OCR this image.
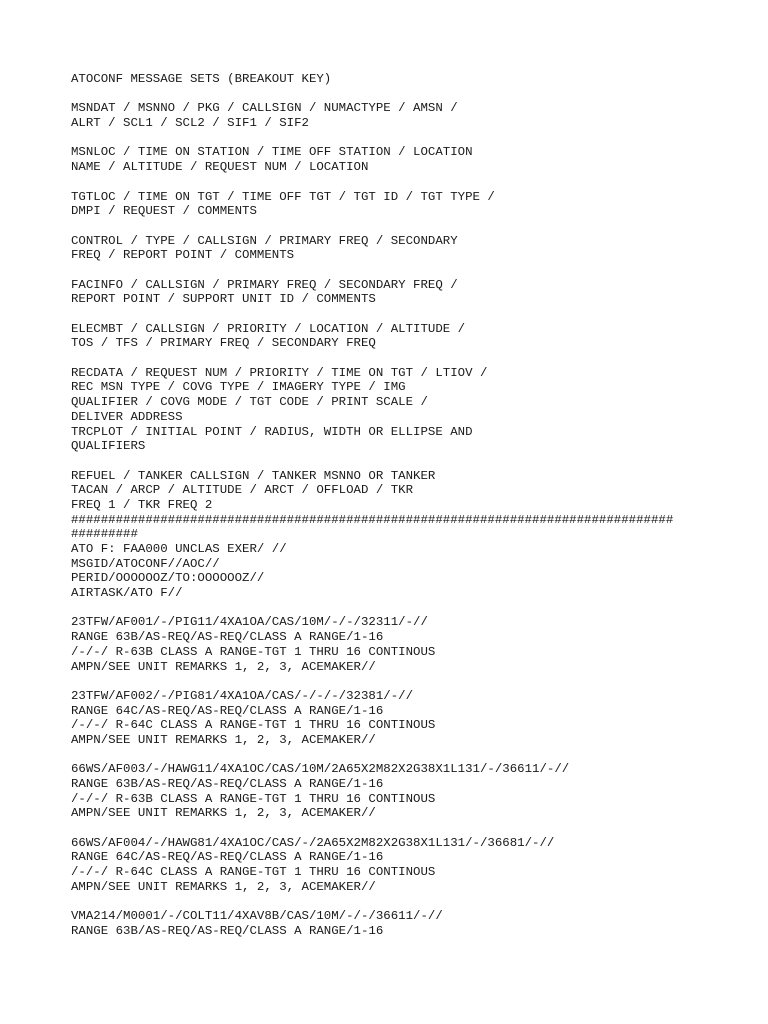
ATOCONF MESSAGE SETS (BREAKOUT KEY)
MSNDAT / MSNNO / PKG / CALLSIGN / NUMACTYPE / AMSN /
ALRT / SCL1 / SCL2 / SIF1 / SIF2
MSNLOC / TIME ON STATION / TIME OFF STATION / LOCATION
NAME / ALTITUDE / REQUEST NUM / LOCATION
TGTLOC / TIME ON TGT / TIME OFF TGT / TGT ID / TGT TYPE /
DMPI / REQUEST / COMMENTS
CONTROL / TYPE / CALLSIGN / PRIMARY FREQ / SECONDARY
FREQ / REPORT POINT / COMMENTS
FACINFO / CALLSIGN / PRIMARY FREQ / SECONDARY FREQ /
REPORT POINT / SUPPORT UNIT ID / COMMENTS
ELECMBT / CALLSIGN / PRIORITY / LOCATION / ALTITUDE /
TOS / TFS / PRIMARY FREQ / SECONDARY FREQ
RECDATA / REQUEST NUM / PRIORITY / TIME ON TGT / LTIOV /
REC MSN TYPE / COVG TYPE / IMAGERY TYPE / IMG
QUALIFIER / COVG MODE / TGT CODE / PRINT SCALE /
DELIVER ADDRESS
TRCPLOT / INITIAL POINT / RADIUS, WIDTH OR ELLIPSE AND
QUALIFIERS
REFUEL / TANKER CALLSIGN / TANKER MSNNO OR TANKER
TACAN / ARCP / ALTITUDE / ARCT / OFFLOAD / TKR
FREQ 1 / TKR FREQ 2
#################################################################################
#########
ATO F: FAA000 UNCLAS EXER/ //
MSGID/ATOCONF//AOC//
PERID/OOOOOOZ/TO:OOOOOOZ//
AIRTASK/ATO F//
23TFW/AF001/-/PIG11/4XA1OA/CAS/10M/-/-/32311/-//
RANGE 63B/AS-REQ/AS-REQ/CLASS A RANGE/1-16
/-/-/ R-63B CLASS A RANGE-TGT 1 THRU 16 CONTINOUS
AMPN/SEE UNIT REMARKS 1, 2, 3, ACEMAKER//
23TFW/AF002/-/PIG81/4XA1OA/CAS/-/-/-/32381/-//
RANGE 64C/AS-REQ/AS-REQ/CLASS A RANGE/1-16
/-/-/ R-64C CLASS A RANGE-TGT 1 THRU 16 CONTINOUS
AMPN/SEE UNIT REMARKS 1, 2, 3, ACEMAKER//
66WS/AF003/-/HAWG11/4XA1OC/CAS/10M/2A65X2M82X2G38X1L131/-/36611/-//
RANGE 63B/AS-REQ/AS-REQ/CLASS A RANGE/1-16
/-/-/ R-63B CLASS A RANGE-TGT 1 THRU 16 CONTINOUS
AMPN/SEE UNIT REMARKS 1, 2, 3, ACEMAKER//
66WS/AF004/-/HAWG81/4XA1OC/CAS/-/2A65X2M82X2G38X1L131/-/36681/-//
RANGE 64C/AS-REQ/AS-REQ/CLASS A RANGE/1-16
/-/-/ R-64C CLASS A RANGE-TGT 1 THRU 16 CONTINOUS
AMPN/SEE UNIT REMARKS 1, 2, 3, ACEMAKER//
VMA214/M0001/-/COLT11/4XAV8B/CAS/10M/-/-/36611/-//
RANGE 63B/AS-REQ/AS-REQ/CLASS A RANGE/1-16
